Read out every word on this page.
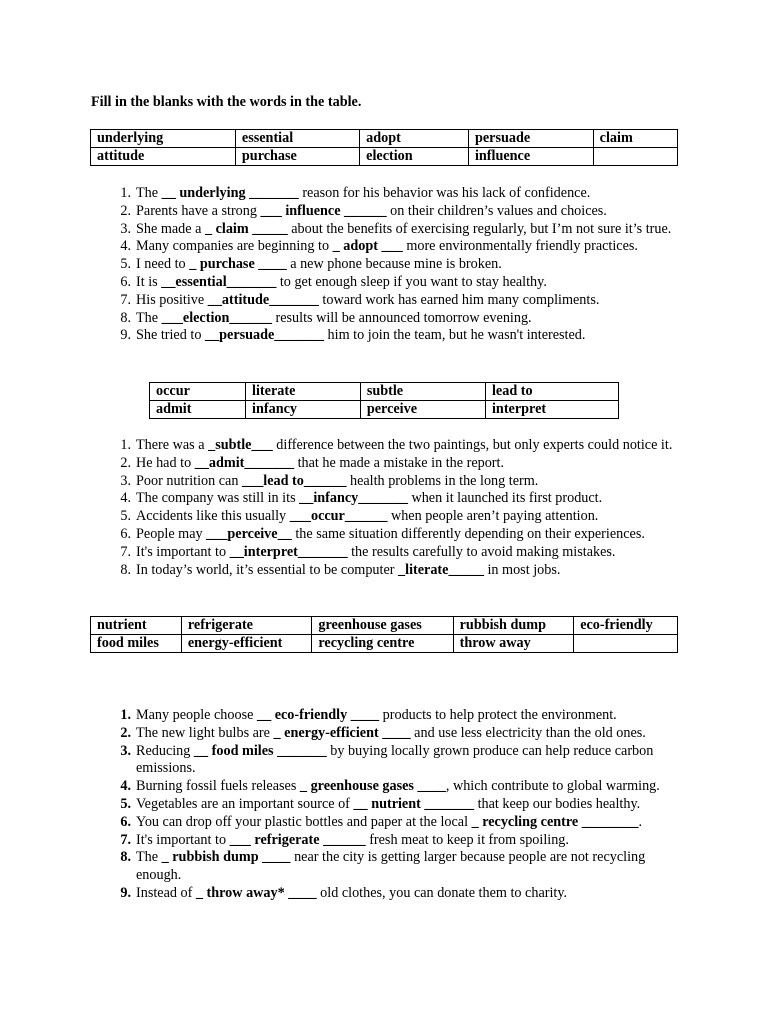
Fill in the blanks with the words in the table.

underlying	essential	adopt	persuade	claim
attitude	purchase	election	influence	
1. The __ underlying _______ reason for his behavior was his lack of confidence.
2. Parents have a strong ___ influence ______ on their children’s values and choices.
3. She made a _ claim _____ about the benefits of exercising regularly, but I’m not sure it’s true.
4. Many companies are beginning to _ adopt ___ more environmentally friendly practices.
5. I need to _ purchase ____ a new phone because mine is broken.
6. It is __essential_______ to get enough sleep if you want to stay healthy.
7. His positive __attitude_______ toward work has earned him many compliments.
8. The ___election______ results will be announced tomorrow evening.
9. She tried to __persuade_______ him to join the team, but he wasn't interested.
occur	literate	subtle	lead to
admit	infancy	perceive	interpret
1. There was a _subtle___ difference between the two paintings, but only experts could notice it.
2. He had to __admit_______ that he made a mistake in the report.
3. Poor nutrition can ___lead to______ health problems in the long term.
4. The company was still in its __infancy_______ when it launched its first product.
5. Accidents like this usually ___occur______ when people aren’t paying attention.
6. People may ___perceive__ the same situation differently depending on their experiences.
7. It's important to __interpret_______ the results carefully to avoid making mistakes.
8. In today’s world, it’s essential to be computer _literate_____ in most jobs.
nutrient	refrigerate	greenhouse gases	rubbish dump	eco-friendly
food miles	energy-efficient	recycling centre	throw away	
1. Many people choose __ eco-friendly ____ products to help protect the environment.
2. The new light bulbs are _ energy-efficient ____ and use less electricity than the old ones.
3. Reducing __ food miles _______ by buying locally grown produce can help reduce carbon emissions.
4. Burning fossil fuels releases _ greenhouse gases ____, which contribute to global warming.
5. Vegetables are an important source of __ nutrient _______ that keep our bodies healthy.
6. You can drop off your plastic bottles and paper at the local _ recycling centre ________.
7. It's important to ___ refrigerate ______ fresh meat to keep it from spoiling.
8. The _ rubbish dump ____ near the city is getting larger because people are not recycling enough.
9. Instead of _ throw away* ____ old clothes, you can donate them to charity.
